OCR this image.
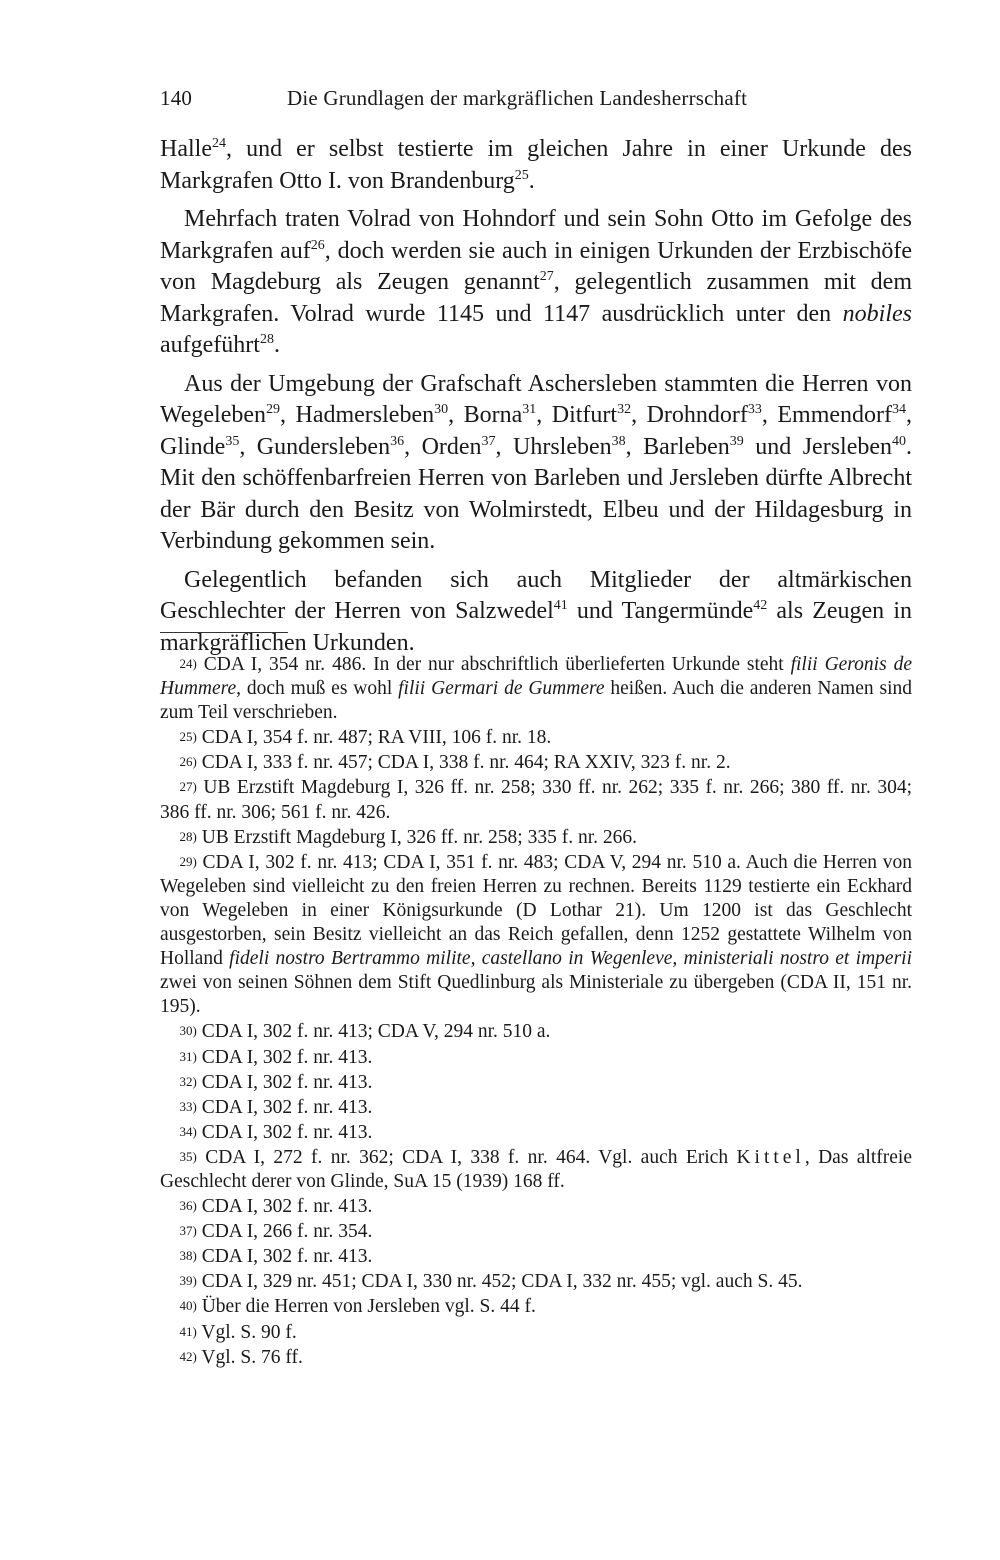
140	Die Grundlagen der markgräflichen Landesherrschaft

Halle$^{24}$, und er selbst testierte im gleichen Jahre in einer Urkunde des Markgrafen Otto I. von Brandenburg$^{25}$.

Mehrfach traten Volrad von Hohndorf und sein Sohn Otto im Gefolge des Markgrafen auf$^{26}$, doch werden sie auch in einigen Urkunden der Erzbischöfe von Magdeburg als Zeugen genannt$^{27}$, gelegentlich zusammen mit dem Markgrafen. Volrad wurde 1145 und 1147 ausdrücklich unter den nobiles aufgeführt$^{28}$.

Aus der Umgebung der Grafschaft Aschersleben stammten die Herren von Wegeleben$^{29}$, Hadmersleben$^{30}$, Borna$^{31}$, Ditfurt$^{32}$, Drohndorf$^{33}$, Emmendorf$^{34}$, Glinde$^{35}$, Gundersleben$^{36}$, Orden$^{37}$, Uhrsleben$^{38}$, Barleben$^{39}$ und Jersleben$^{40}$. Mit den schöffenbarfreien Herren von Barleben und Jersleben dürfte Albrecht der Bär durch den Besitz von Wolmirstedt, Elbeu und der Hildagesburg in Verbindung gekommen sein.

Gelegentlich befanden sich auch Mitglieder der altmärkischen Geschlechter der Herren von Salzwedel$^{41}$ und Tangermünde$^{42}$ als Zeugen in markgräflichen Urkunden.

 24) CDA I, 354 nr. 486. In der nur abschriftlich überlieferten Urkunde steht filii Geronis de Hummere, doch muß es wohl filii Germari de Gummere heißen. Auch die anderen Namen sind zum Teil verschrieben.

 25) CDA I, 354 f. nr. 487; RA VIII, 106 f. nr. 18.

 26) CDA I, 333 f. nr. 457; CDA I, 338 f. nr. 464; RA XXIV, 323 f. nr. 2.

 27) UB Erzstift Magdeburg I, 326 ff. nr. 258; 330 ff. nr. 262; 335 f. nr. 266; 380 ff. nr. 304; 386 ff. nr. 306; 561 f. nr. 426.

 28) UB Erzstift Magdeburg I, 326 ff. nr. 258; 335 f. nr. 266.

 29) CDA I, 302 f. nr. 413; CDA I, 351 f. nr. 483; CDA V, 294 nr. 510 a. Auch die Herren von Wegeleben sind vielleicht zu den freien Herren zu rechnen. Bereits 1129 testierte ein Eckhard von Wegeleben in einer Königsurkunde (D Lothar 21). Um 1200 ist das Geschlecht ausgestorben, sein Besitz vielleicht an das Reich gefallen, denn 1252 gestattete Wilhelm von Holland fideli nostro Bertrammo milite, castellano in Wegenleve, ministeriali nostro et imperii zwei von seinen Söhnen dem Stift Quedlinburg als Ministeriale zu übergeben (CDA II, 151 nr. 195).

 30) CDA I, 302 f. nr. 413; CDA V, 294 nr. 510 a.

 31) CDA I, 302 f. nr. 413.

 32) CDA I, 302 f. nr. 413.

 33) CDA I, 302 f. nr. 413.

 34) CDA I, 302 f. nr. 413.

 35) CDA I, 272 f. nr. 362; CDA I, 338 f. nr. 464. Vgl. auch Erich Kittel, Das altfreie Geschlecht derer von Glinde, SuA 15 (1939) 168 ff.

 36) CDA I, 302 f. nr. 413.

 37) CDA I, 266 f. nr. 354.

 38) CDA I, 302 f. nr. 413.

 39) CDA I, 329 nr. 451; CDA I, 330 nr. 452; CDA I, 332 nr. 455; vgl. auch S. 45.

 40) Über die Herren von Jersleben vgl. S. 44 f.

 41) Vgl. S. 90 f.

 42) Vgl. S. 76 ff.
